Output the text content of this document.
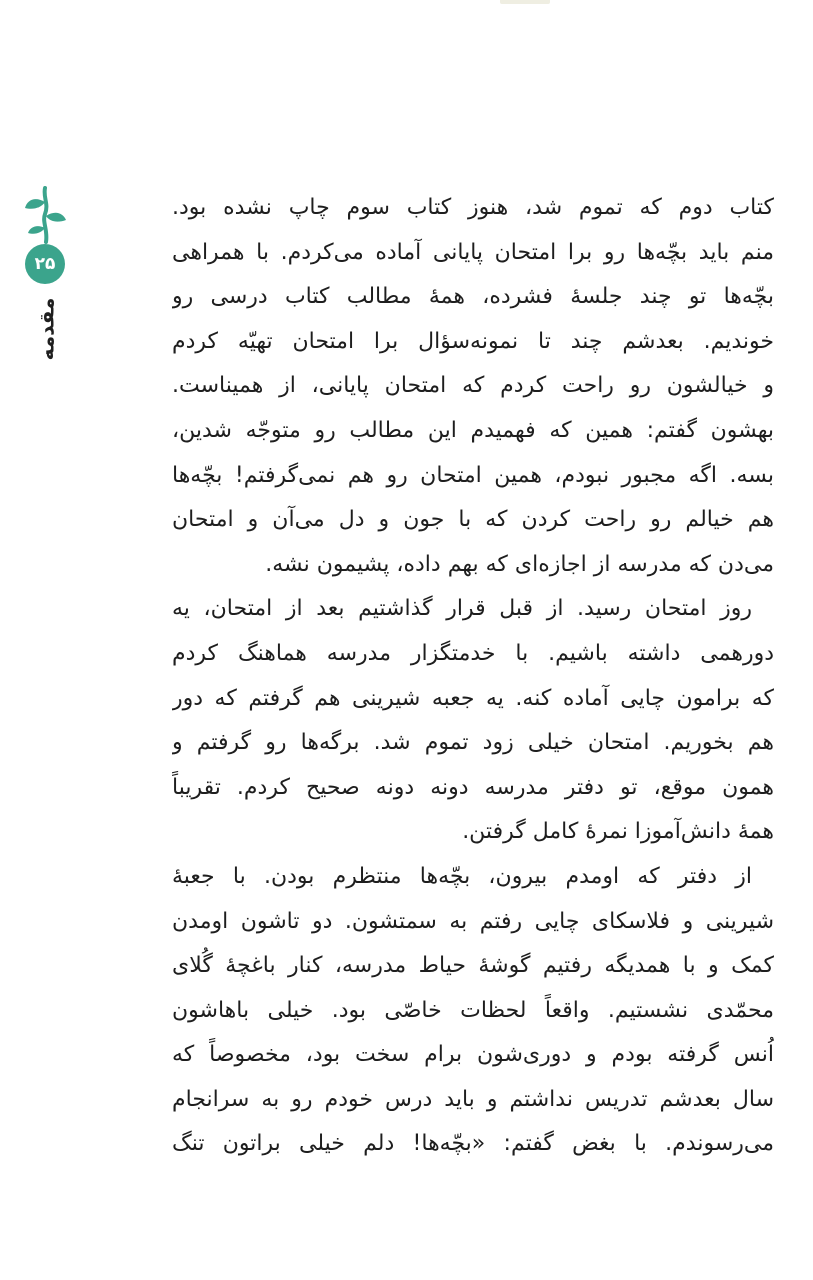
۲۵
مقدمه
کتاب دوم که تموم شد، هنوز کتاب سوم چاپ نشده بود.
منم باید بچّه‌ها رو برا امتحان پایانی آماده می‌کردم. با همراهی
بچّه‌ها تو چند جلسهٔ فشرده، همهٔ مطالب کتاب درسی رو
خوندیم. بعدشم چند تا نمونه‌سؤال برا امتحان تهیّه کردم
و خیالشون رو راحت کردم که امتحان پایانی، از همیناست.
بهشون گفتم: همین که فهمیدم این مطالب رو متوجّه شدین،
بسه. اگه مجبور نبودم، همین امتحان رو هم نمی‌گرفتم! بچّه‌ها
هم خیالم رو راحت کردن که با جون و دل می‌آن و امتحان
می‌دن که مدرسه از اجازه‌ای که بهم داده، پشیمون نشه.
روز امتحان رسید. از قبل قرار گذاشتیم بعد از امتحان، یه
دورهمی داشته باشیم. با خدمتگزار مدرسه هماهنگ کردم
که برامون چایی آماده کنه. یه جعبه شیرینی هم گرفتم که دور
هم بخوریم. امتحان خیلی زود تموم شد. برگه‌ها رو گرفتم و
همون موقع، تو دفتر مدرسه دونه دونه صحیح کردم. تقریباً
همهٔ دانش‌آموزا نمرهٔ کامل گرفتن.
از دفتر که اومدم بیرون، بچّه‌ها منتظرم بودن. با جعبهٔ
شیرینی و فلاسکای چایی رفتم به سمتشون. دو تاشون اومدن
کمک و با همدیگه رفتیم گوشهٔ حیاط مدرسه، کنار باغچهٔ گُلای
محمّدی نشستیم. واقعاً لحظات خاصّی بود. خیلی باهاشون
اُنس گرفته بودم و دوری‌شون برام سخت بود، مخصوصاً که
سال بعدشم تدریس نداشتم و باید درس خودم رو به سرانجام
می‌رسوندم. با بغض گفتم: «بچّه‌ها! دلم خیلی براتون تنگ
